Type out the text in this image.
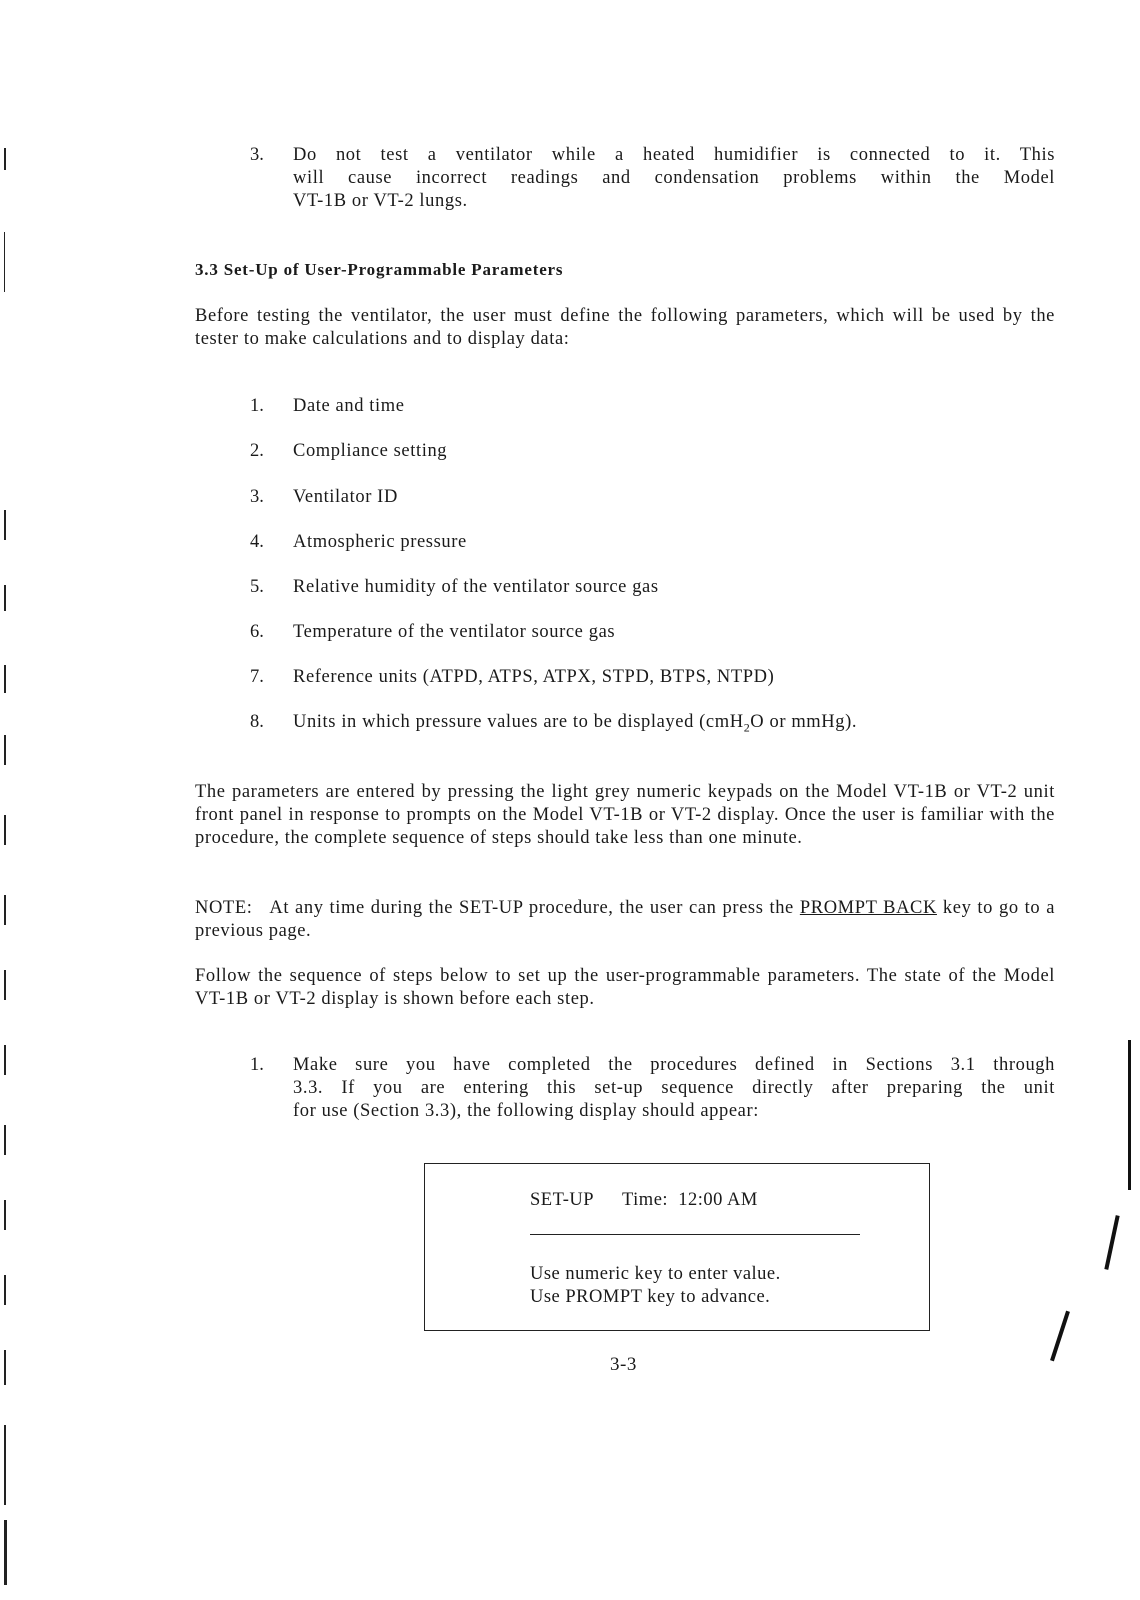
3. Do not test a ventilator while a heated humidifier is connected to it. This
will cause incorrect readings and condensation problems within the Model
VT-1B or VT-2 lungs.
3.3 Set-Up of User-Programmable Parameters
Before testing the ventilator, the user must define the following parameters, which will be used by the tester to make calculations and to display data:
1. Date and time
2. Compliance setting
3. Ventilator ID
4. Atmospheric pressure
5. Relative humidity of the ventilator source gas
6. Temperature of the ventilator source gas
7. Reference units (ATPD, ATPS, ATPX, STPD, BTPS, NTPD)
8. Units in which pressure values are to be displayed (cmH$_2$O or mmHg).
The parameters are entered by pressing the light grey numeric keypads on the Model VT-1B or VT-2 unit front panel in response to prompts on the Model VT-1B or VT-2 display. Once the user is familiar with the procedure, the complete sequence of steps should take less than one minute.
NOTE: At any time during the SET-UP procedure, the user can press the PROMPT BACK key to go to a previous page.
Follow the sequence of steps below to set up the user-programmable parameters. The state of the Model VT-1B or VT-2 display is shown before each step.
1. Make sure you have completed the procedures defined in Sections 3.1 through
3.3. If you are entering this set-up sequence directly after preparing the unit
for use (Section 3.3), the following display should appear:
SET-UP Time: 12:00 AM
Use numeric key to enter value.
Use PROMPT key to advance.
3-3
